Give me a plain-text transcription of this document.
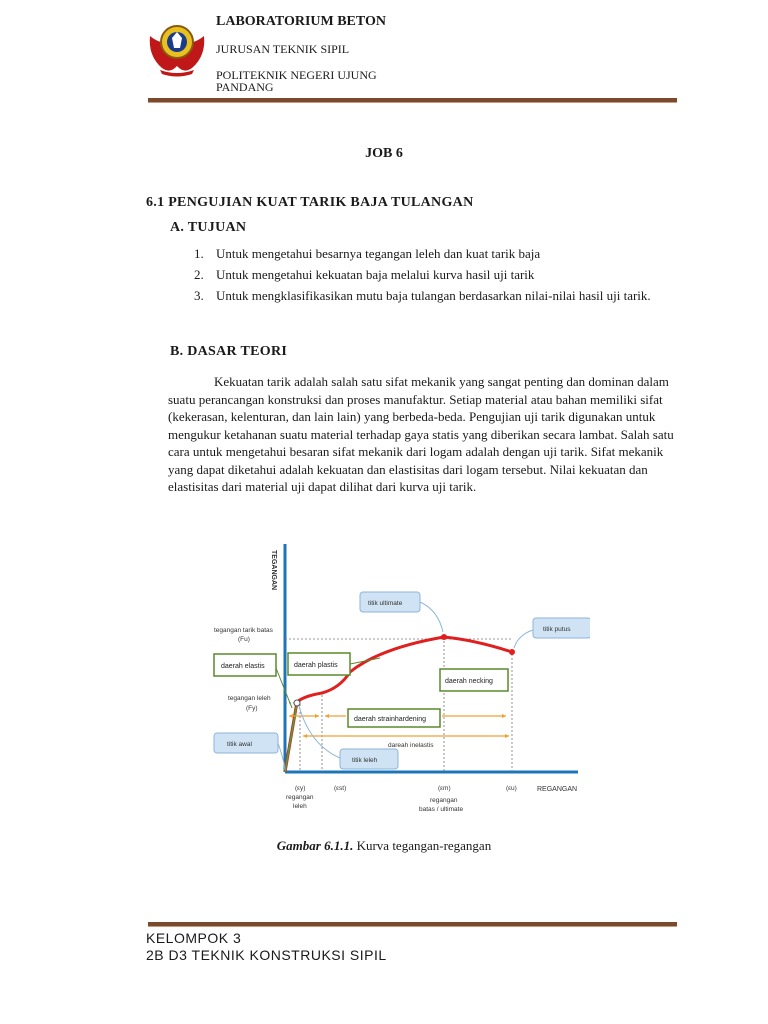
LABORATORIUM BETON
JURUSAN TEKNIK SIPIL
POLITEKNIK NEGERI UJUNG
PANDANG
JOB 6
6.1 PENGUJIAN KUAT TARIK BAJA TULANGAN
A. TUJUAN
1. Untuk mengetahui besarnya tegangan leleh dan kuat tarik baja
2. Untuk mengetahui kekuatan baja melalui kurva hasil uji tarik
3. Untuk mengklasifikasikan mutu baja tulangan berdasarkan nilai-nilai hasil uji tarik.
B. DASAR TEORI
Kekuatan tarik adalah salah satu sifat mekanik yang sangat penting dan dominan dalam suatu perancangan konstruksi dan proses manufaktur. Setiap material atau bahan memiliki sifat (kekerasan, kelenturan, dan lain lain) yang berbeda-beda. Pengujian uji tarik digunakan untuk mengukur ketahanan suatu material terhadap gaya statis yang diberikan secara lambat. Salah satu cara untuk mengetahui besaran sifat mekanik dari logam adalah dengan uji tarik. Sifat mekanik yang dapat diketahui adalah kekuatan dan elastisitas dari logam tersebut. Nilai kekuatan dan elastisitas dari material uji dapat dilihat dari kurva uji tarik.
TEGANGAN
REGANGAN
tegangan tarik batas
(Fu)
tegangan leleh
(Fy)
daerah elastis	daerah plastis
daerah necking
daerah strainhardening
dareah inelastis
titik ultimate
titik putus
titik awal
titik leleh
(εy)
regangan
leleh
(εst)	(εm)
regangan
batas / ultimate
(εu)
Gambar 6.1.1. Kurva tegangan-regangan
KELOMPOK 3
2B D3 TEKNIK KONSTRUKSI SIPIL
